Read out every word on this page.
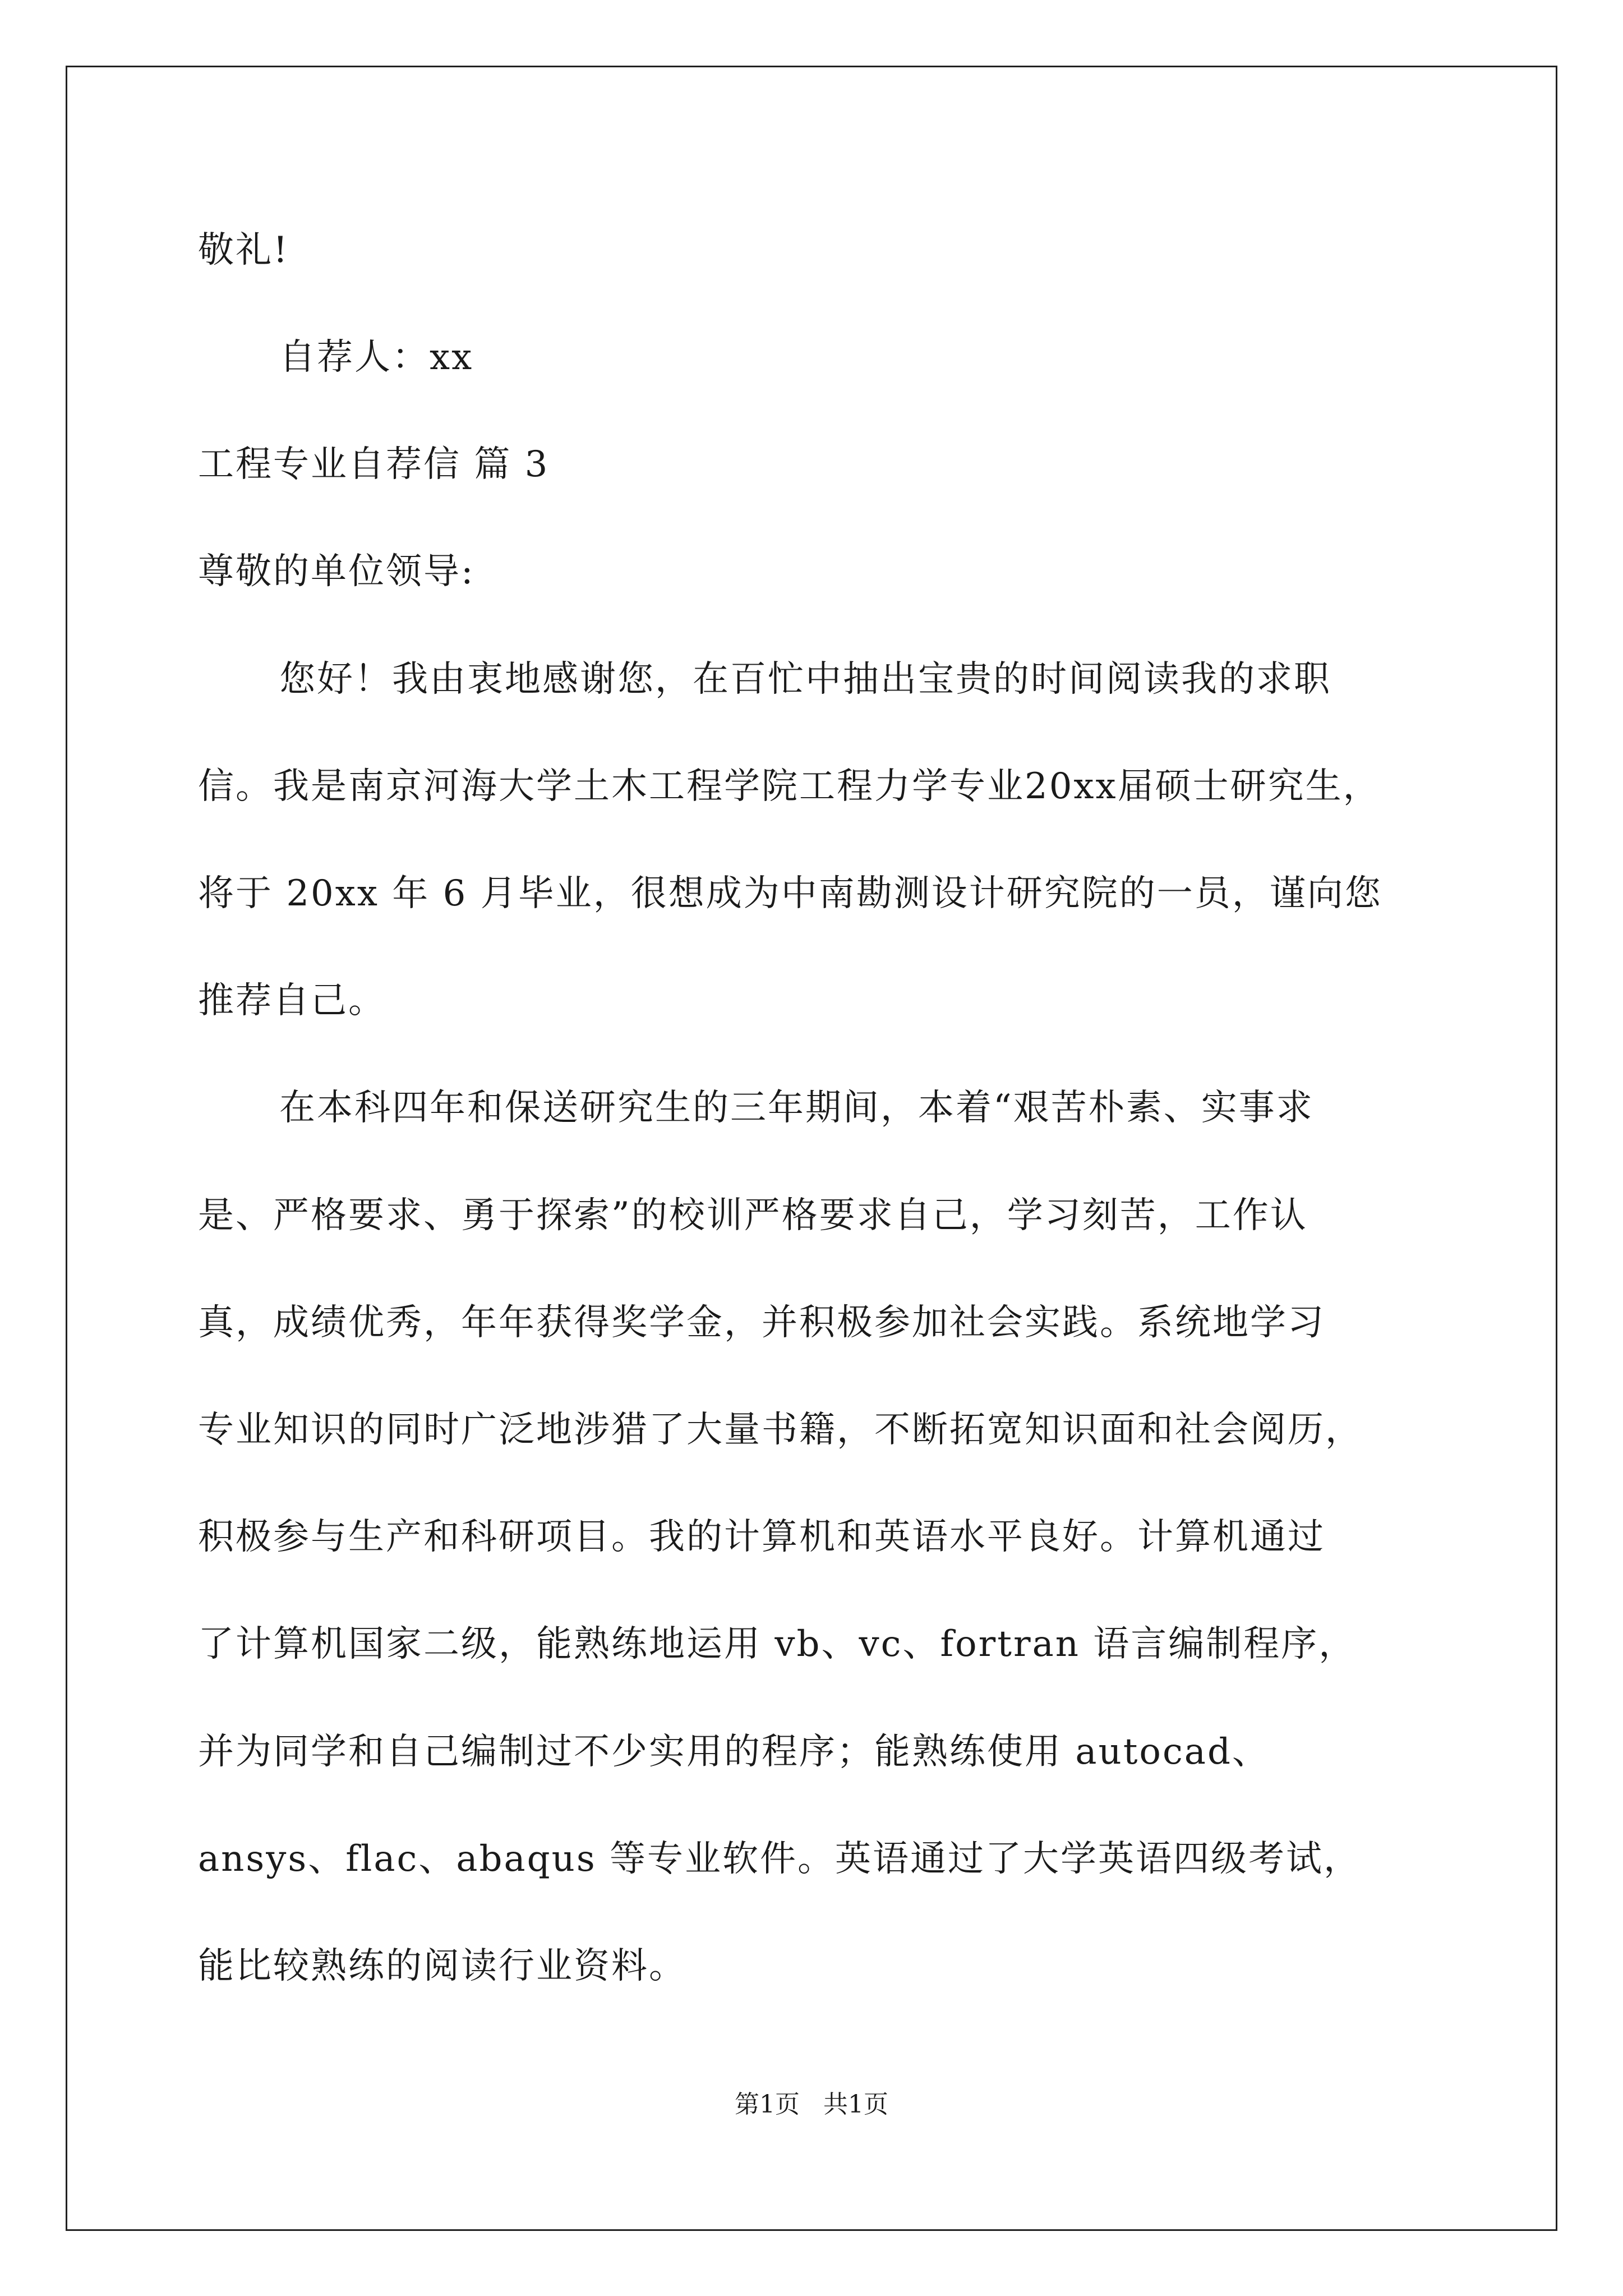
敬礼!
自荐人：xx
工程专业自荐信 篇 3
尊敬的单位领导:
您好！我由衷地感谢您，在百忙中抽出宝贵的时间阅读我的求职
信。我是南京河海大学土木工程学院工程力学专业20xx届硕士研究生，
将于 20xx 年 6 月毕业，很想成为中南勘测设计研究院的一员，谨向您
推荐自己。
在本科四年和保送研究生的三年期间，本着“艰苦朴素、实事求
是、严格要求、勇于探索”的校训严格要求自己，学习刻苦，工作认
真，成绩优秀，年年获得奖学金，并积极参加社会实践。系统地学习
专业知识的同时广泛地涉猎了大量书籍，不断拓宽知识面和社会阅历，
积极参与生产和科研项目。我的计算机和英语水平良好。计算机通过
了计算机国家二级，能熟练地运用 vb、vc、fortran 语言编制程序，
并为同学和自己编制过不少实用的程序；能熟练使用 autocad、
ansys、flac、abaqus 等专业软件。英语通过了大学英语四级考试，
能比较熟练的阅读行业资料。
第1页   共1页
